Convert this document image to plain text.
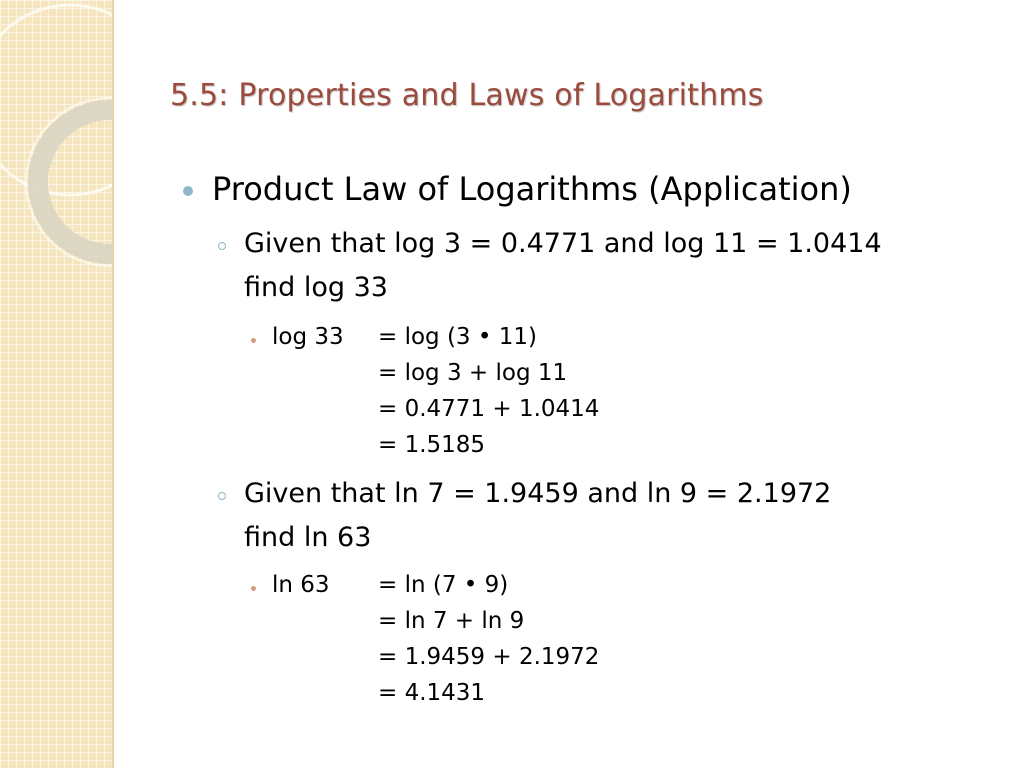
5.5: Properties and Laws of Logarithms
Product Law of Logarithms (Application)
Given that log 3 = 0.4771 and log 11 = 1.0414
find log 33
log 33 = log (3 • 11)
= log 3 + log 11
= 0.4771 + 1.0414
= 1.5185
Given that ln 7 = 1.9459 and ln 9 = 2.1972
find ln 63
ln 63 = ln (7 • 9)
= ln 7 + ln 9
= 1.9459 + 2.1972
= 4.1431
